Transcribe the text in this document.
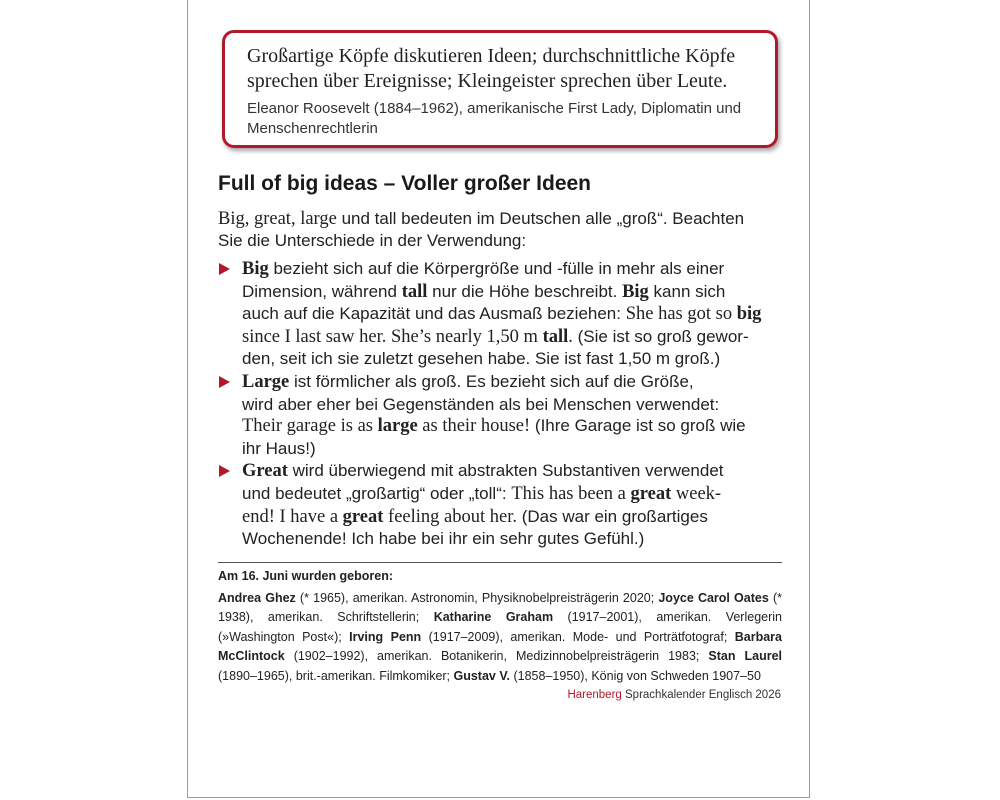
Großartige Köpfe diskutieren Ideen; durchschnittliche Köpfe
sprechen über Ereignisse; Kleingeister sprechen über Leute.

Eleanor Roosevelt (1884–1962), amerikanische First Lady, Diplomatin und
Menschenrechtlerin

Full of big ideas – Voller großer Ideen

Big, great, large und tall bedeuten im Deutschen alle „groß“. Beachten
Sie die Unterschiede in der Verwendung:

Big bezieht sich auf die Körpergröße und -fülle in mehr als einer
Dimension, während tall nur die Höhe beschreibt. Big kann sich
auch auf die Kapazität und das Ausmaß beziehen: She has got so big
since I last saw her. She’s nearly 1,50 m tall. (Sie ist so groß gewor-
den, seit ich sie zuletzt gesehen habe. Sie ist fast 1,50 m groß.)
Large ist förmlicher als groß. Es bezieht sich auf die Größe,
wird aber eher bei Gegenständen als bei Menschen verwendet:
Their garage is as large as their house! (Ihre Garage ist so groß wie
ihr Haus!)
Great wird überwiegend mit abstrakten Substantiven verwendet
und bedeutet „großartig“ oder „toll“: This has been a great week-
end! I have a great feeling about her. (Das war ein großartiges
Wochenende! Ich habe bei ihr ein sehr gutes Gefühl.)

Am 16. Juni wurden geboren:

Andrea Ghez (* 1965), amerikan. Astronomin, Physiknobelpreisträgerin 2020; Joyce Carol Oates (* 1938), amerikan. Schriftstellerin; Katharine Graham (1917–2001), amerikan. Verlegerin (»Washington Post«); Irving Penn (1917–2009), amerikan. Mode- und Porträtfotograf; Barbara McClintock (1902–1992), amerikan. Botanikerin, Medizinnobelpreisträgerin 1983; Stan Laurel (1890–1965), brit.-amerikan. Filmkomiker; Gustav V. (1858–1950), König von Schweden 1907–50

Harenberg Sprachkalender Englisch 2026
